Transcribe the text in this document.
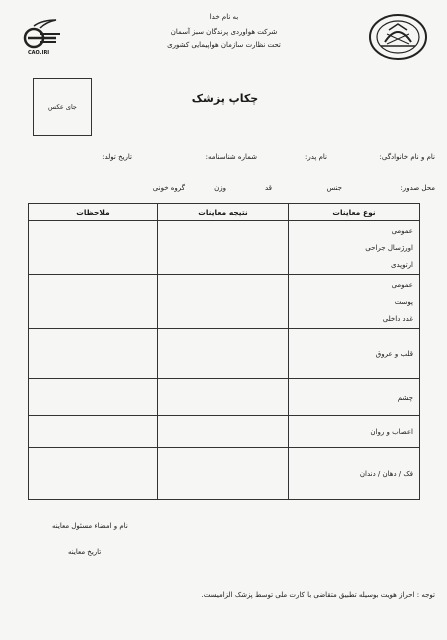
به نام خدا
شرکت هواوردی پرندگان سبز آسمان
تحت نظارت سازمان هواپیمایی کشوری
CAO.IRI
جای عکس
چکاپ پزشک
نام و نام خانوادگی:
نام پدر:
شماره شناسنامه:
تاریخ تولد:
محل صدور:
جنس
قد
وزن
گروه خونی
نوع معاینات	نتیجه معاینات	ملاحظات

عمومی
اورژسال جراحی
ارتوپدی		

عمومی
پوست
غدد داخلی		

قلب و عروق		

چشم		

اعصاب و روان		

فک / دهان / دندان		

نام و امضاء مسئول معاینه
تاریخ معاینه
توجه : احراز هویت بوسیله تطبیق متقاضی با کارت ملی توسط پزشک الزامیست.
